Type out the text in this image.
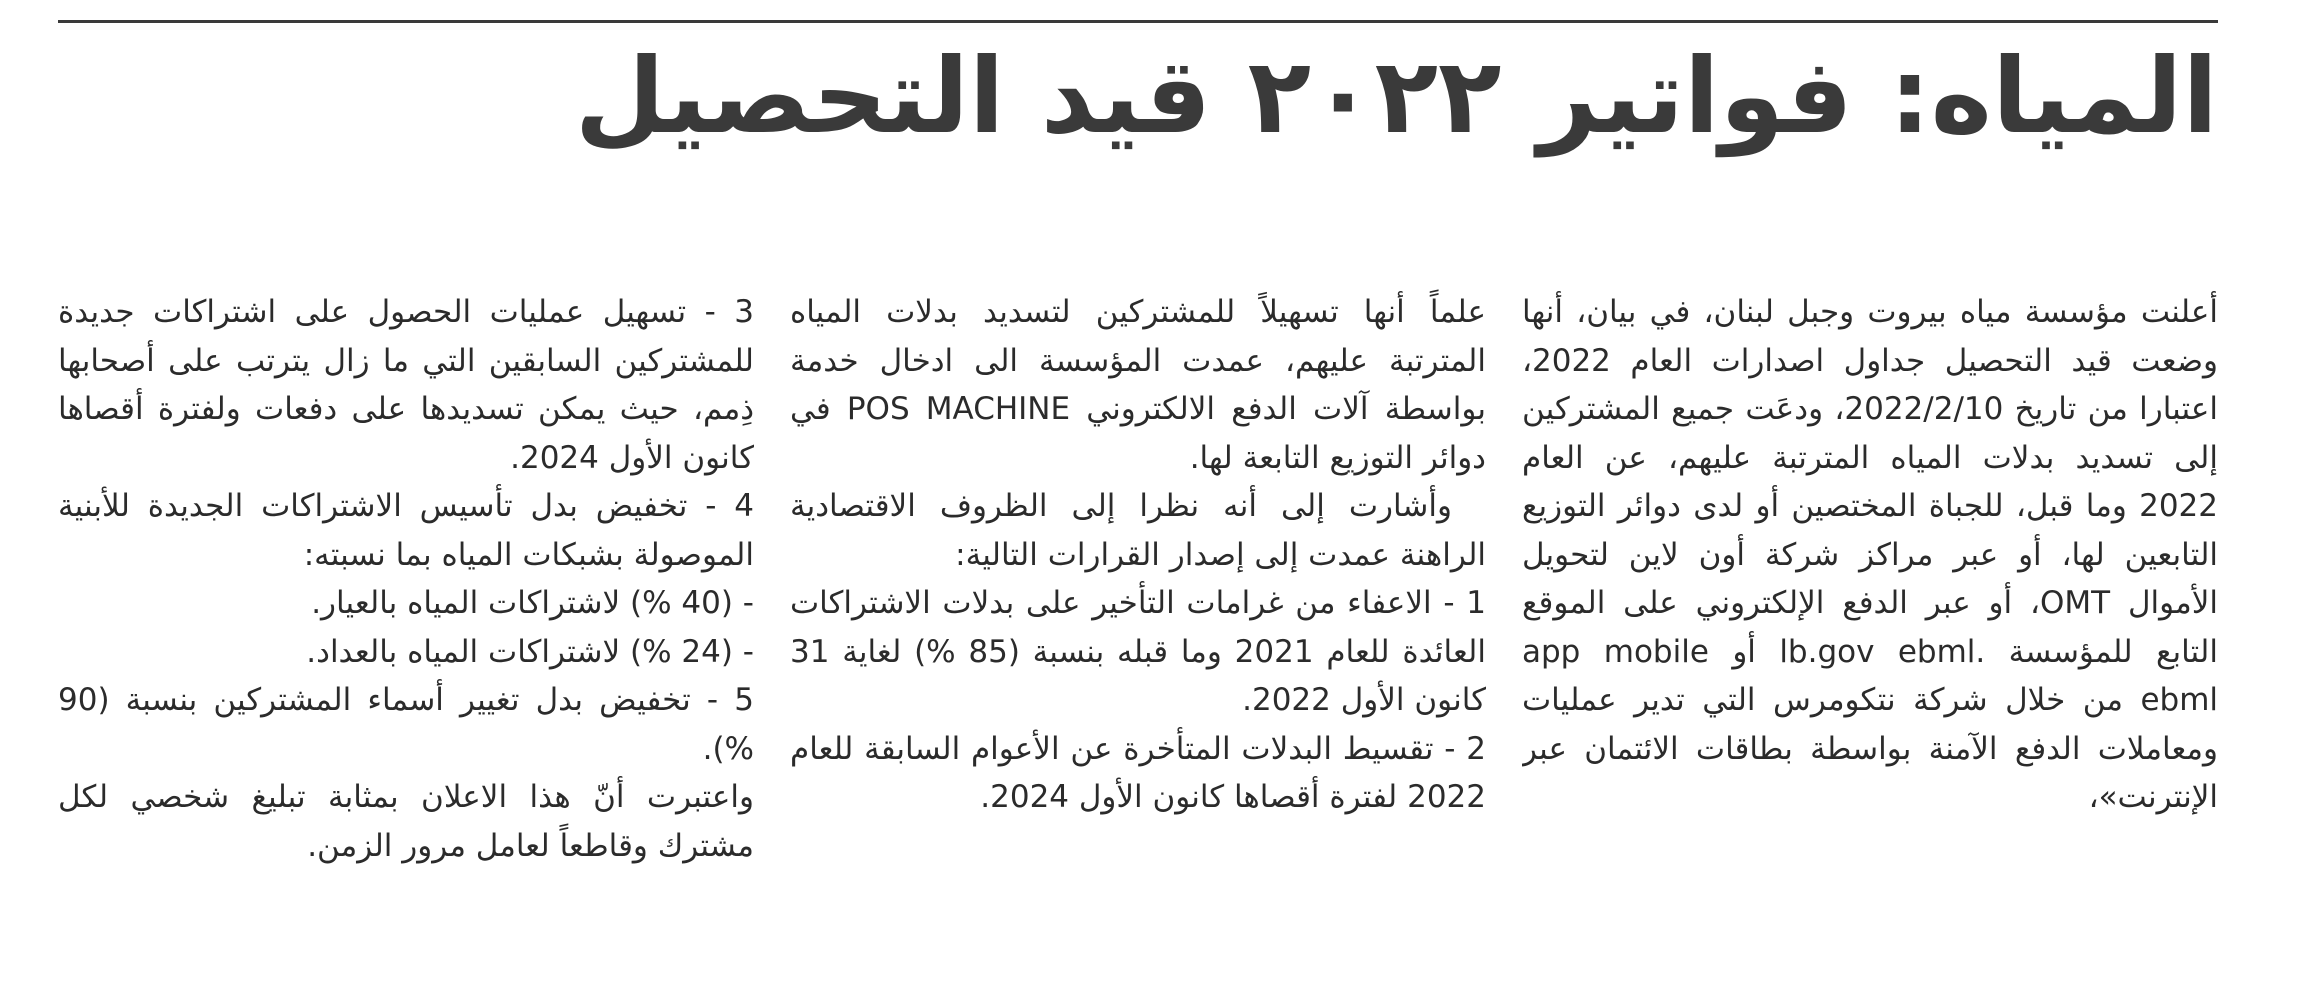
المياه: فواتير ٢٠٢٢ قيد التحصيل

أعلنت مؤسسة مياه بيروت وجبل لبنان، في بيان، أنها وضعت قيد التحصيل جداول اصدارات العام 2022، اعتبارا من تاريخ 2022/2/10، ودعَت جميع المشتركين إلى تسديد بدلات المياه المترتبة عليهم، عن العام 2022 وما قبل، للجباة المختصين أو لدى دوائر التوزيع التابعين لها، أو عبر مراكز شركة أون لاين لتحويل الأموال OMT، أو عبر الدفع الإلكتروني على الموقع التابع للمؤسسة .lb.gov ebml أو app mobile ebml من خلال شركة نتكومرس التي تدير عمليات ومعاملات الدفع الآمنة بواسطة بطاقات الائتمان عبر الإنترنت»،

علماً أنها تسهيلاً للمشتركين لتسديد بدلات المياه المترتبة عليهم، عمدت المؤسسة الى ادخال خدمة بواسطة آلات الدفع الالكتروني POS MACHINE في دوائر التوزيع التابعة لها.

وأشارت إلى أنه نظرا إلى الظروف الاقتصادية الراهنة عمدت إلى إصدار القرارات التالية:

1 - الاعفاء من غرامات التأخير على بدلات الاشتراكات العائدة للعام 2021 وما قبله بنسبة (85 %) لغاية 31 كانون الأول 2022.

2 - تقسيط البدلات المتأخرة عن الأعوام السابقة للعام 2022 لفترة أقصاها كانون الأول 2024.

3 - تسهيل عمليات الحصول على اشتراكات جديدة للمشتركين السابقين التي ما زال يترتب على أصحابها ذِمم، حيث يمكن تسديدها على دفعات ولفترة أقصاها كانون الأول 2024.

4 - تخفيض بدل تأسيس الاشتراكات الجديدة للأبنية الموصولة بشبكات المياه بما نسبته:

- (40 %) لاشتراكات المياه بالعيار.

- (24 %) لاشتراكات المياه بالعداد.

5 - تخفيض بدل تغيير أسماء المشتركين بنسبة (90 %).

واعتبرت أنّ هذا الاعلان بمثابة تبليغ شخصي لكل مشترك وقاطعاً لعامل مرور الزمن.
